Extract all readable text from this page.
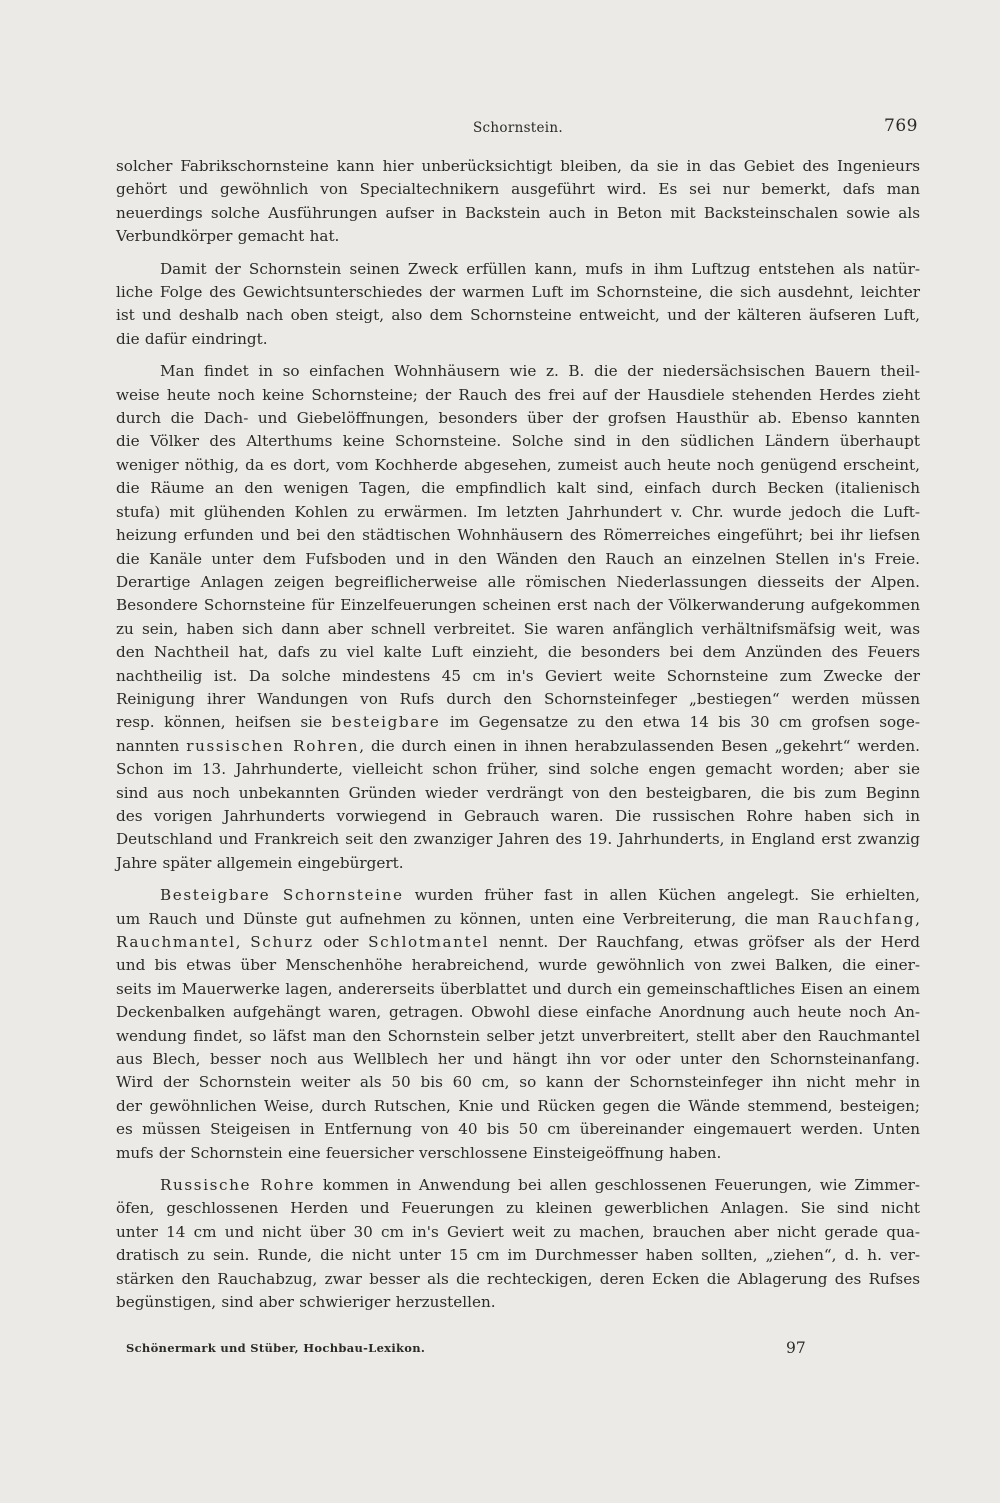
Schornstein.	769

solcher Fabrikschornsteine kann hier unberücksichtigt bleiben, da sie in das Gebiet des Ingenieurs
gehört und gewöhnlich von Specialtechnikern ausgeführt wird. Es sei nur bemerkt, dafs man
neuerdings solche Ausführungen aufser in Backstein auch in Beton mit Backsteinschalen sowie als
Verbundkörper gemacht hat.

Damit der Schornstein seinen Zweck erfüllen kann, mufs in ihm Luftzug entstehen als natür-
liche Folge des Gewichtsunterschiedes der warmen Luft im Schornsteine, die sich ausdehnt, leichter
ist und deshalb nach oben steigt, also dem Schornsteine entweicht, und der kälteren äufseren Luft,
die dafür eindringt.

Man findet in so einfachen Wohnhäusern wie z. B. die der niedersächsischen Bauern theil-
weise heute noch keine Schornsteine; der Rauch des frei auf der Hausdiele stehenden Herdes zieht
durch die Dach- und Giebelöffnungen, besonders über der grofsen Hausthür ab. Ebenso kannten
die Völker des Alterthums keine Schornsteine. Solche sind in den südlichen Ländern überhaupt
weniger nöthig, da es dort, vom Kochherde abgesehen, zumeist auch heute noch genügend erscheint,
die Räume an den wenigen Tagen, die empfindlich kalt sind, einfach durch Becken (italienisch
stufa) mit glühenden Kohlen zu erwärmen. Im letzten Jahrhundert v. Chr. wurde jedoch die Luft-
heizung erfunden und bei den städtischen Wohnhäusern des Römerreiches eingeführt; bei ihr liefsen
die Kanäle unter dem Fufsboden und in den Wänden den Rauch an einzelnen Stellen in's Freie.
Derartige Anlagen zeigen begreiflicherweise alle römischen Niederlassungen diesseits der Alpen.
Besondere Schornsteine für Einzelfeuerungen scheinen erst nach der Völkerwanderung aufgekommen
zu sein, haben sich dann aber schnell verbreitet. Sie waren anfänglich verhältnifsmäfsig weit, was
den Nachtheil hat, dafs zu viel kalte Luft einzieht, die besonders bei dem Anzünden des Feuers
nachtheilig ist. Da solche mindestens 45 cm in's Geviert weite Schornsteine zum Zwecke der
Reinigung ihrer Wandungen von Rufs durch den Schornsteinfeger „bestiegen“ werden müssen
resp. können, heifsen sie besteigbare im Gegensatze zu den etwa 14 bis 30 cm grofsen soge-
nannten russischen Rohren, die durch einen in ihnen herabzulassenden Besen „gekehrt“ werden.
Schon im 13. Jahrhunderte, vielleicht schon früher, sind solche engen gemacht worden; aber sie
sind aus noch unbekannten Gründen wieder verdrängt von den besteigbaren, die bis zum Beginn
des vorigen Jahrhunderts vorwiegend in Gebrauch waren. Die russischen Rohre haben sich in
Deutschland und Frankreich seit den zwanziger Jahren des 19. Jahrhunderts, in England erst zwanzig
Jahre später allgemein eingebürgert.

Besteigbare Schornsteine wurden früher fast in allen Küchen angelegt. Sie erhielten,
um Rauch und Dünste gut aufnehmen zu können, unten eine Verbreiterung, die man Rauchfang,
Rauchmantel, Schurz oder Schlotmantel nennt. Der Rauchfang, etwas gröfser als der Herd
und bis etwas über Menschenhöhe herabreichend, wurde gewöhnlich von zwei Balken, die einer-
seits im Mauerwerke lagen, andererseits überblattet und durch ein gemeinschaftliches Eisen an einem
Deckenbalken aufgehängt waren, getragen. Obwohl diese einfache Anordnung auch heute noch An-
wendung findet, so läfst man den Schornstein selber jetzt unverbreitert, stellt aber den Rauchmantel
aus Blech, besser noch aus Wellblech her und hängt ihn vor oder unter den Schornsteinanfang.
Wird der Schornstein weiter als 50 bis 60 cm, so kann der Schornsteinfeger ihn nicht mehr in
der gewöhnlichen Weise, durch Rutschen, Knie und Rücken gegen die Wände stemmend, besteigen;
es müssen Steigeisen in Entfernung von 40 bis 50 cm übereinander eingemauert werden. Unten
mufs der Schornstein eine feuersicher verschlossene Einsteigeöffnung haben.

Russische Rohre kommen in Anwendung bei allen geschlossenen Feuerungen, wie Zimmer-
öfen, geschlossenen Herden und Feuerungen zu kleinen gewerblichen Anlagen. Sie sind nicht
unter 14 cm und nicht über 30 cm in's Geviert weit zu machen, brauchen aber nicht gerade qua-
dratisch zu sein. Runde, die nicht unter 15 cm im Durchmesser haben sollten, „ziehen“, d. h. ver-
stärken den Rauchabzug, zwar besser als die rechteckigen, deren Ecken die Ablagerung des Rufses
begünstigen, sind aber schwieriger herzustellen.

Schönermark und Stüber, Hochbau-Lexikon.	97
